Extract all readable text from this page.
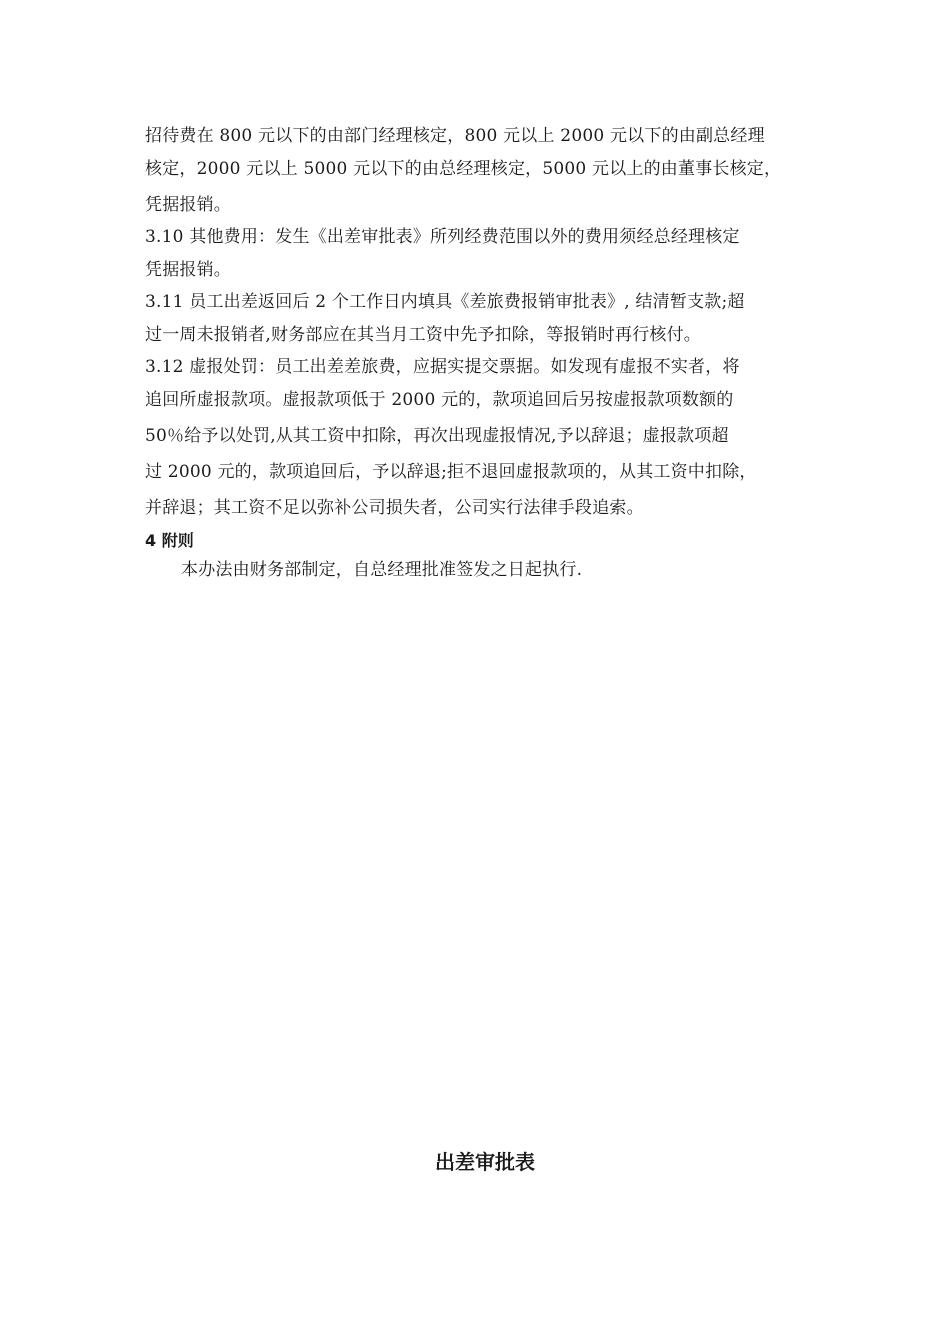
招待费在 800 元以下的由部门经理核定，800 元以上 2000 元以下的由副总经理
核定，2000 元以上 5000 元以下的由总经理核定，5000 元以上的由董事长核定，
凭据报销。
3.10 其他费用：发生《出差审批表》所列经费范围以外的费用须经总经理核定
凭据报销。
3.11 员工出差返回后 2 个工作日内填具《差旅费报销审批表》, 结清暂支款;超
过一周未报销者,财务部应在其当月工资中先予扣除，等报销时再行核付。
3.12 虚报处罚：员工出差差旅费，应据实提交票据。如发现有虚报不实者，将
追回所虚报款项。虚报款项低于 2000 元的，款项追回后另按虚报款项数额的
50％给予以处罚,从其工资中扣除，再次出现虚报情况,予以辞退；虚报款项超
过 2000 元的，款项追回后，予以辞退;拒不退回虚报款项的，从其工资中扣除，
并辞退；其工资不足以弥补公司损失者，公司实行法律手段追索。

4 附则

本办法由财务部制定，自总经理批准签发之日起执行.

出差审批表
